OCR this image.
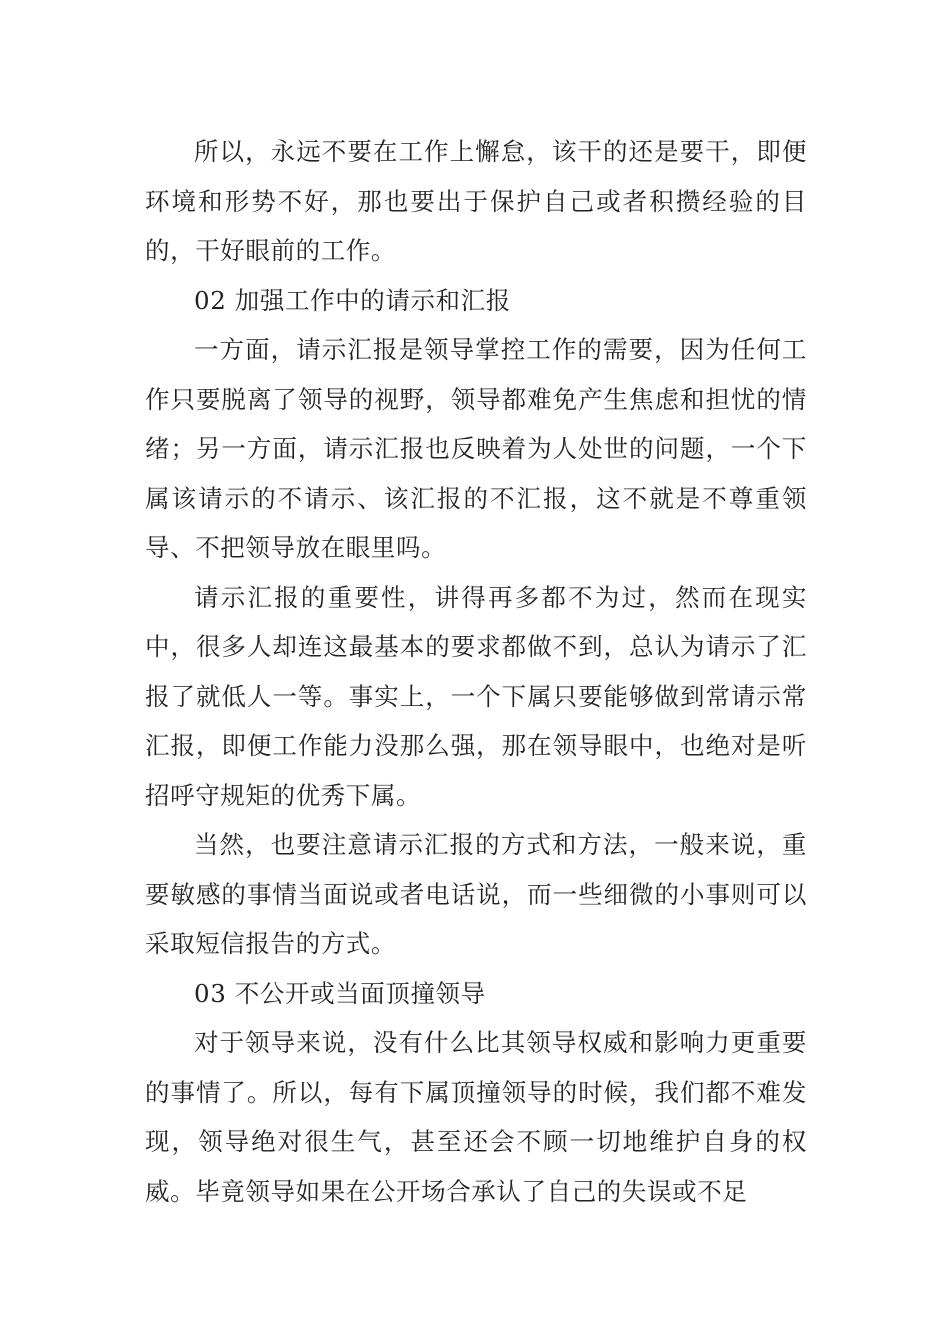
所以，永远不要在工作上懈怠，该干的还是要干，即便环境和形势不好，那也要出于保护自己或者积攒经验的目的，干好眼前的工作。

02 加强工作中的请示和汇报

一方面，请示汇报是领导掌控工作的需要，因为任何工作只要脱离了领导的视野，领导都难免产生焦虑和担忧的情绪；另一方面，请示汇报也反映着为人处世的问题，一个下属该请示的不请示、该汇报的不汇报，这不就是不尊重领导、不把领导放在眼里吗。

请示汇报的重要性，讲得再多都不为过，然而在现实中，很多人却连这最基本的要求都做不到，总认为请示了汇报了就低人一等。事实上，一个下属只要能够做到常请示常汇报，即便工作能力没那么强，那在领导眼中，也绝对是听招呼守规矩的优秀下属。

当然，也要注意请示汇报的方式和方法，一般来说，重要敏感的事情当面说或者电话说，而一些细微的小事则可以采取短信报告的方式。

03 不公开或当面顶撞领导

对于领导来说，没有什么比其领导权威和影响力更重要的事情了。所以，每有下属顶撞领导的时候，我们都不难发现，领导绝对很生气，甚至还会不顾一切地维护自身的权威。毕竟领导如果在公开场合承认了自己的失误或不足
